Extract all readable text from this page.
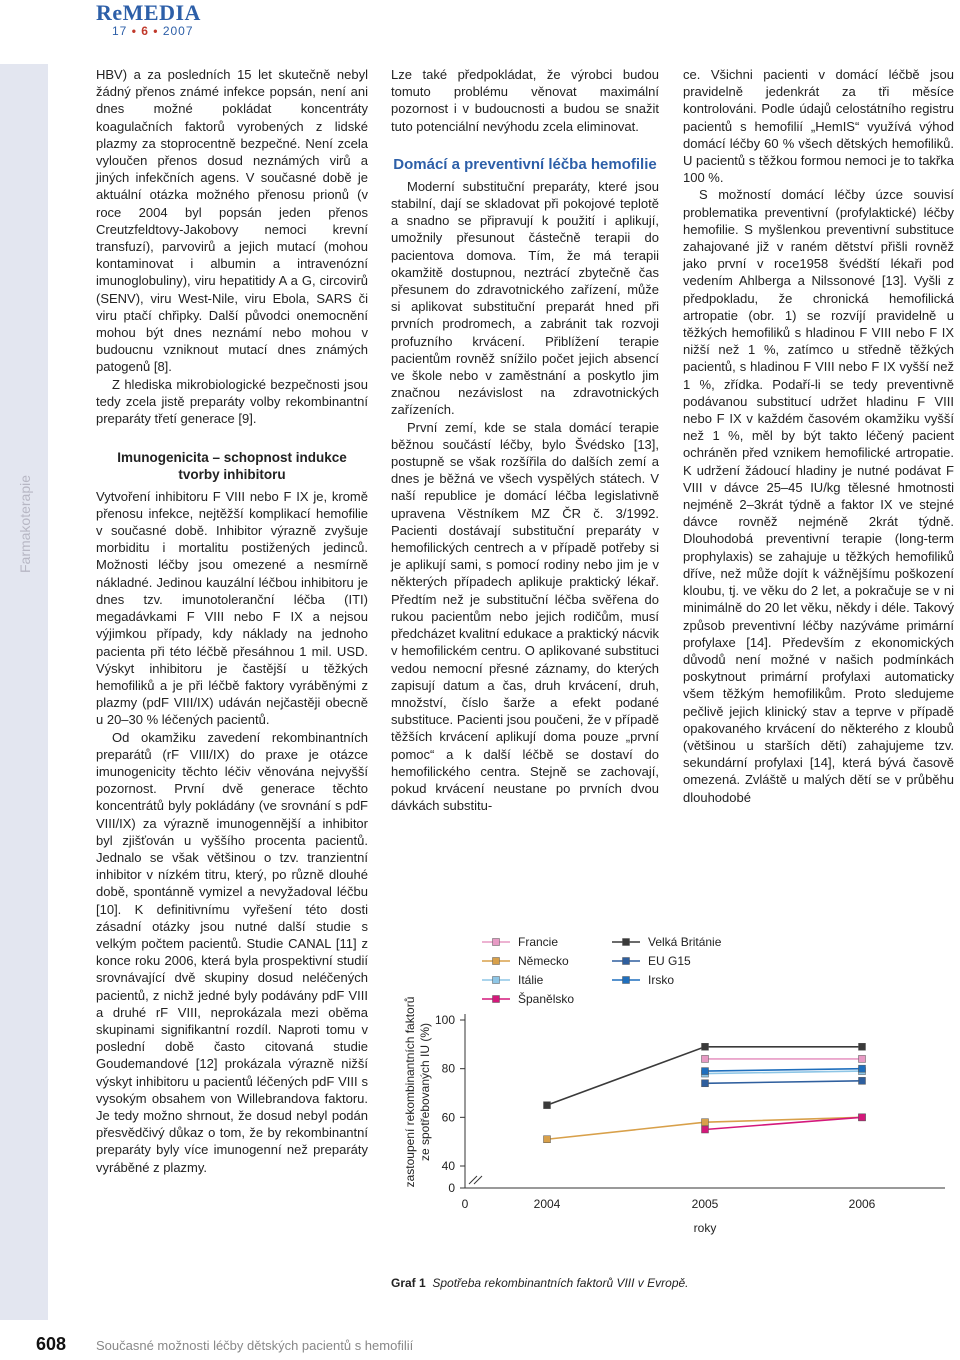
ReMEDIA
17 • 6 • 2007
Farmakoterapie

HBV) a za posledních 15 let skutečně nebyl žádný přenos známé infekce popsán, není ani dnes možné pokládat koncentráty koagulačních faktorů vyrobených z lidské plazmy za stoprocentně bezpečné. Není zcela vyloučen přenos dosud neznámých virů a jiných infekčních agens. V současné době je aktuální otázka možného přenosu prionů (v roce 2004 byl popsán jeden přenos Creutzfeldtovy-Jakobovy nemoci krevní transfuzí), parvovirů a jejich mutací (mohou kontaminovat i albumin a intravenózní imunoglobuliny), viru hepatitidy A a G, circovirů (SENV), viru West-Nile, viru Ebola, SARS či viru ptačí chřipky. Další původci onemocnění mohou být dnes neznámí nebo mohou v budoucnu vzniknout mutací dnes známých patogenů [8].

Z hlediska mikrobiologické bezpečnosti jsou tedy zcela jistě preparáty volby rekombinantní preparáty třetí generace [9].

Imunogenicita – schopnost indukce tvorby inhibitoru

Vytvoření inhibitoru F VIII nebo F IX je, kromě přenosu infekce, nejtěžší komplikací hemofilie v současné době. Inhibitor výrazně zvyšuje morbiditu i mortalitu postižených jedinců. Možnosti léčby jsou omezené a nesmírně nákladné. Jedinou kauzální léčbou inhibitoru je dnes tzv. imunotoleranční léčba (ITI) megadávkami F VIII nebo F IX a nejsou výjimkou případy, kdy náklady na jednoho pacienta při této léčbě přesáhnou 1 mil. USD. Výskyt inhibitoru je častější u těžkých hemofiliků a je při léčbě faktory vyráběnými z plazmy (pdF VIII/IX) udáván nejčastěji obecně u 20–30 % léčených pacientů.

Od okamžiku zavedení rekombinantních preparátů (rF VIII/IX) do praxe je otázce imunogenicity těchto léčiv věnována nejvyšší pozornost. První dvě generace těchto koncentrátů byly pokládány (ve srovnání s pdF VIII/IX) za výrazně imunogennější a inhibitor byl zjišťován u vyššího procenta pacientů. Jednalo se však většinou o tzv. tranzientní inhibitor v nízkém titru, který, po různě dlouhé době, spontánně vymizel a nevyžadoval léčbu [10]. K definitivnímu vyřešení této dosti zásadní otázky jsou nutné další studie s velkým počtem pacientů. Studie CANAL [11] z konce roku 2006, která byla prospektivní studií srovnávající dvě skupiny dosud neléčených pacientů, z nichž jedné byly podávány pdF VIII a druhé rF VIII, neprokázala mezi oběma skupinami signifikantní rozdíl. Naproti tomu v poslední době často citovaná studie Goudemandové [12] prokázala výrazně nižší výskyt inhibitoru u pacientů léčených pdF VIII s vysokým obsahem von Willebrandova faktoru. Je tedy možno shrnout, že dosud nebyl podán přesvědčivý důkaz o tom, že by rekombinantní preparáty byly více imunogenní než preparáty vyráběné z plazmy.

Lze také předpokládat, že výrobci budou tomuto problému věnovat maximální pozornost i v budoucnosti a budou se snažit tuto potenciální nevýhodu zcela eliminovat.

Domácí a preventivní léčba hemofilie

Moderní substituční preparáty, které jsou stabilní, dají se skladovat při pokojové teplotě a snadno se připravují k použití i aplikují, umožnily přesunout částečně terapii do pacientova domova. Tím, že má terapii okamžitě dostupnou, neztrácí zbytečně čas přesunem do zdravotnického zařízení, může si aplikovat substituční preparát hned při prvních prodromech, a zabránit tak rozvoji profuzního krvácení. Přiblížení terapie pacientům rovněž snížilo počet jejich absencí ve škole nebo v zaměstnání a poskytlo jim značnou nezávislost na zdravotnických zařízeních.

První zemí, kde se stala domácí terapie běžnou součástí léčby, bylo Švédsko [13], postupně se však rozšířila do dalších zemí a dnes je běžná ve všech vyspělých státech. V naší republice je domácí léčba legislativně upravena Věstníkem MZ ČR č. 3/1992. Pacienti dostávají substituční preparáty v hemofilických centrech a v případě potřeby si je aplikují sami, s pomocí rodiny nebo jim je v některých případech aplikuje praktický lékař. Předtím než je substituční léčba svěřena do rukou pacientům nebo jejich rodičům, musí předcházet kvalitní edukace a praktický nácvik v hemofilickém centru. O aplikované substituci vedou nemocní přesné záznamy, do kterých zapisují datum a čas, druh krvácení, druh, množství, číslo šarže a efekt podané substituce. Pacienti jsou poučeni, že v případě těžších krvácení aplikují doma pouze „první pomoc“ a k další léčbě se dostaví do hemofilického centra. Stejně se zachovají, pokud krvácení neustane po prvních dvou dávkách substitu-

ce. Všichni pacienti v domácí léčbě jsou pravidelně jedenkrát za tři měsíce kontrolováni. Podle údajů celostátního registru pacientů s hemofilií „HemIS“ využívá výhod domácí léčby 60 % všech dětských hemofiliků. U pacientů s těžkou formou nemoci je to takřka 100 %.

S možností domácí léčby úzce souvisí problematika preventivní (profylaktické) léčby hemofilie. S myšlenkou preventivní substituce zahajované již v raném dětství přišli rovněž jako první v roce1958 švédští lékaři pod vedením Ahlberga a Nilssonové [13]. Vyšli z předpokladu, že chronická hemofilická artropatie (obr. 1) se rozvíjí pravidelně u těžkých hemofiliků s hladinou F VIII nebo F IX nižší než 1 %, zatímco u středně těžkých pacientů, s hladinou F VIII nebo F IX vyšší než 1 %, zřídka. Podaří-li se tedy preventivně podávanou substitucí udržet hladinu F VIII nebo F IX v každém časovém okamžiku vyšší než 1 %, měl by být takto léčený pacient ochráněn před vznikem hemofilické artropatie. K udržení žádoucí hladiny je nutné podávat F VIII v dávce 25–45 IU/kg tělesné hmotnosti nejméně 2–3krát týdně a faktor IX ve stejné dávce rovněž nejméně 2krát týdně. Dlouhodobá preventivní terapie (long-term prophylaxis) se zahajuje u těžkých hemofiliků dříve, než může dojít k vážnějšímu poškození kloubu, tj. ve věku do 2 let, a pokračuje se v ni minimálně do 20 let věku, někdy i déle. Takový způsob preventivní léčby nazýváme primární profylaxe [14]. Především z ekonomických důvodů není možné v našich podmínkách poskytnout primární profylaxi automaticky všem těžkým hemofilikům. Proto sledujeme pečlivě jejich klinický stav a teprve v případě opakovaného krvácení do některého z kloubů (většinou u starších dětí) zahajujeme tzv. sekundární profylaxi [14], která bývá časově omezená. Zvláště u malých dětí se v průběhu dlouhodobé

0
40
60
80
100
0	2004	2005	2006
roky
zastoupení rekombinantních faktorů ze spotřebovaných IU (%)
Francie
Německo
Itálie
Španělsko
Velká Británie
EU G15
Irsko
Graf 1 Spotřeba rekombinantních faktorů VIII v Evropě.
608 Současné možnosti léčby dětských pacientů s hemofilií
